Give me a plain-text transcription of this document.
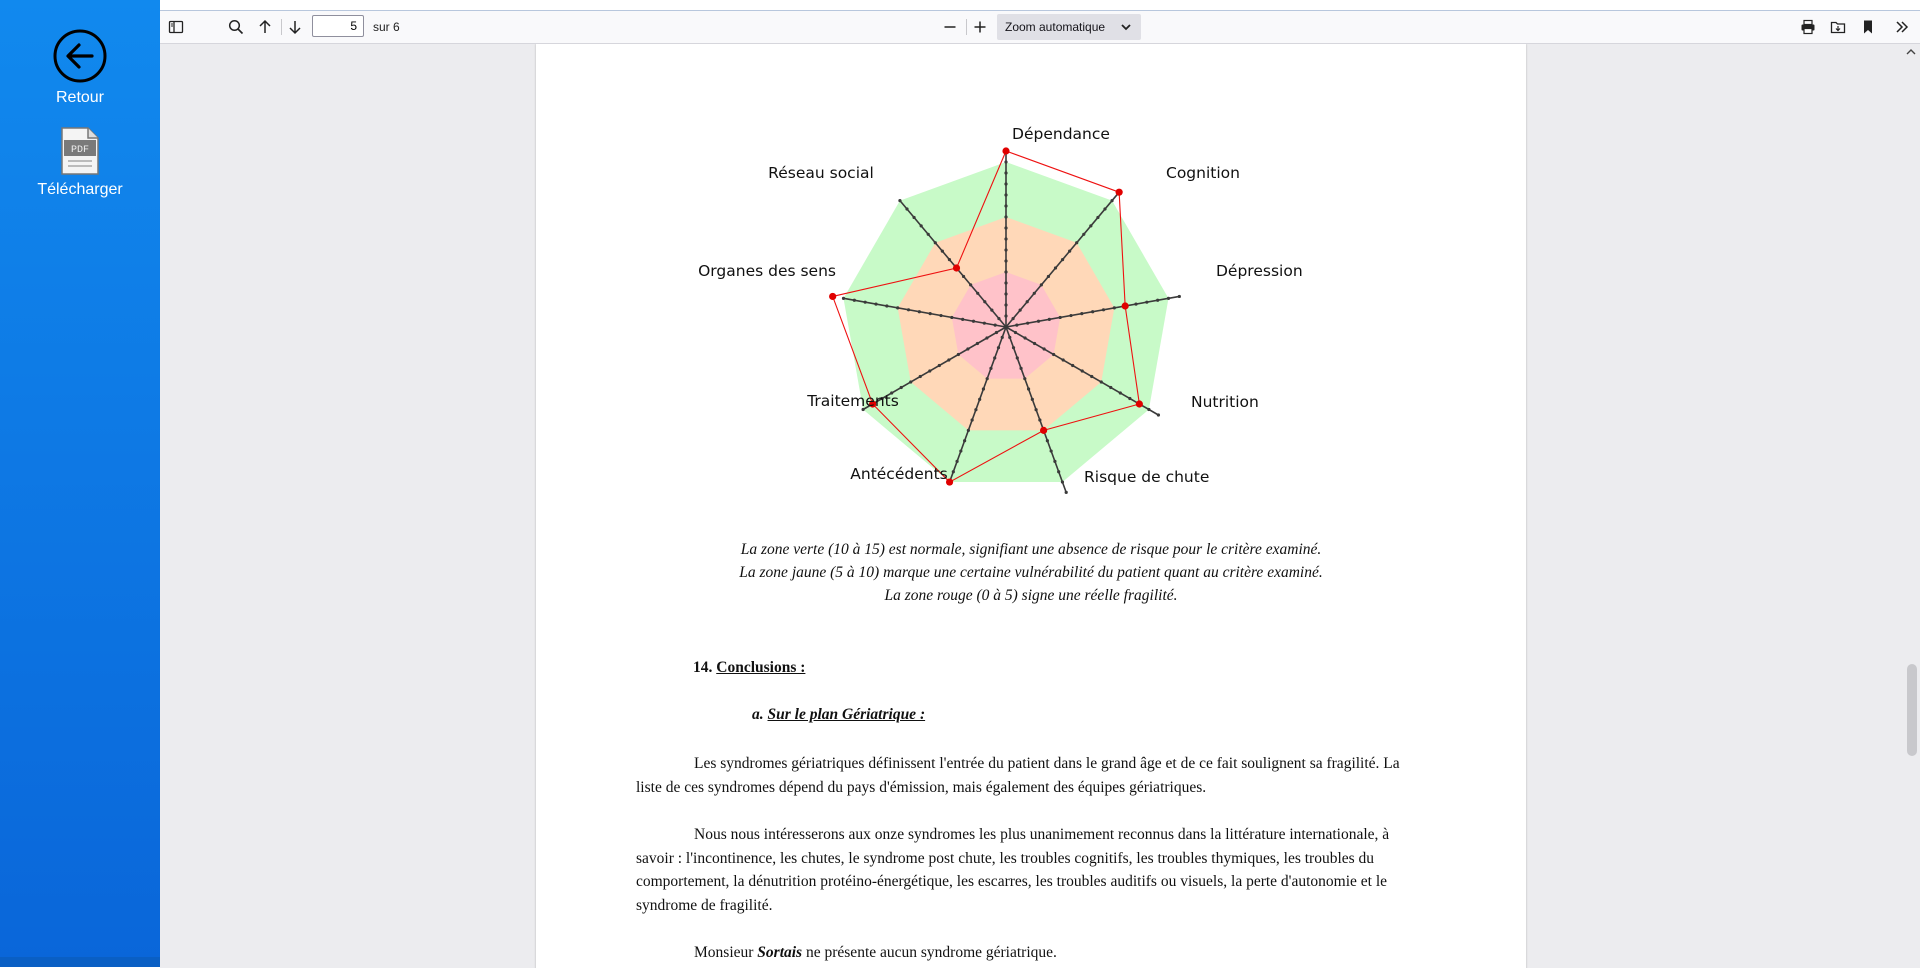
Retour
PDF
Télécharger
5
sur 6	Zoom automatique
Dépendance
Cognition
Dépression
Nutrition
Risque de chute
Antécédents
Traitements
Organes des sens
Réseau social
La zone verte (10 à 15) est normale, signifiant une absence de risque pour le critère examiné.
La zone jaune (5 à 10) marque une certaine vulnérabilité du patient quant au critère examiné.
La zone rouge (0 à 5) signe une réelle fragilité.
14. Conclusions :
a. Sur le plan Gériatrique :
Les syndromes gériatriques définissent l'entrée du patient dans le grand âge et de ce fait soulignent sa fragilité. La liste de ces syndromes dépend du pays d'émission, mais également des équipes gériatriques.
Nous nous intéresserons aux onze syndromes les plus unanimement reconnus dans la littérature internationale, à savoir : l'incontinence, les chutes, le syndrome post chute, les troubles cognitifs, les troubles thymiques, les troubles du comportement, la dénutrition protéino-énergétique, les escarres, les troubles auditifs ou visuels, la perte d'autonomie et le syndrome de fragilité.
Monsieur Sortais ne présente aucun syndrome gériatrique.
